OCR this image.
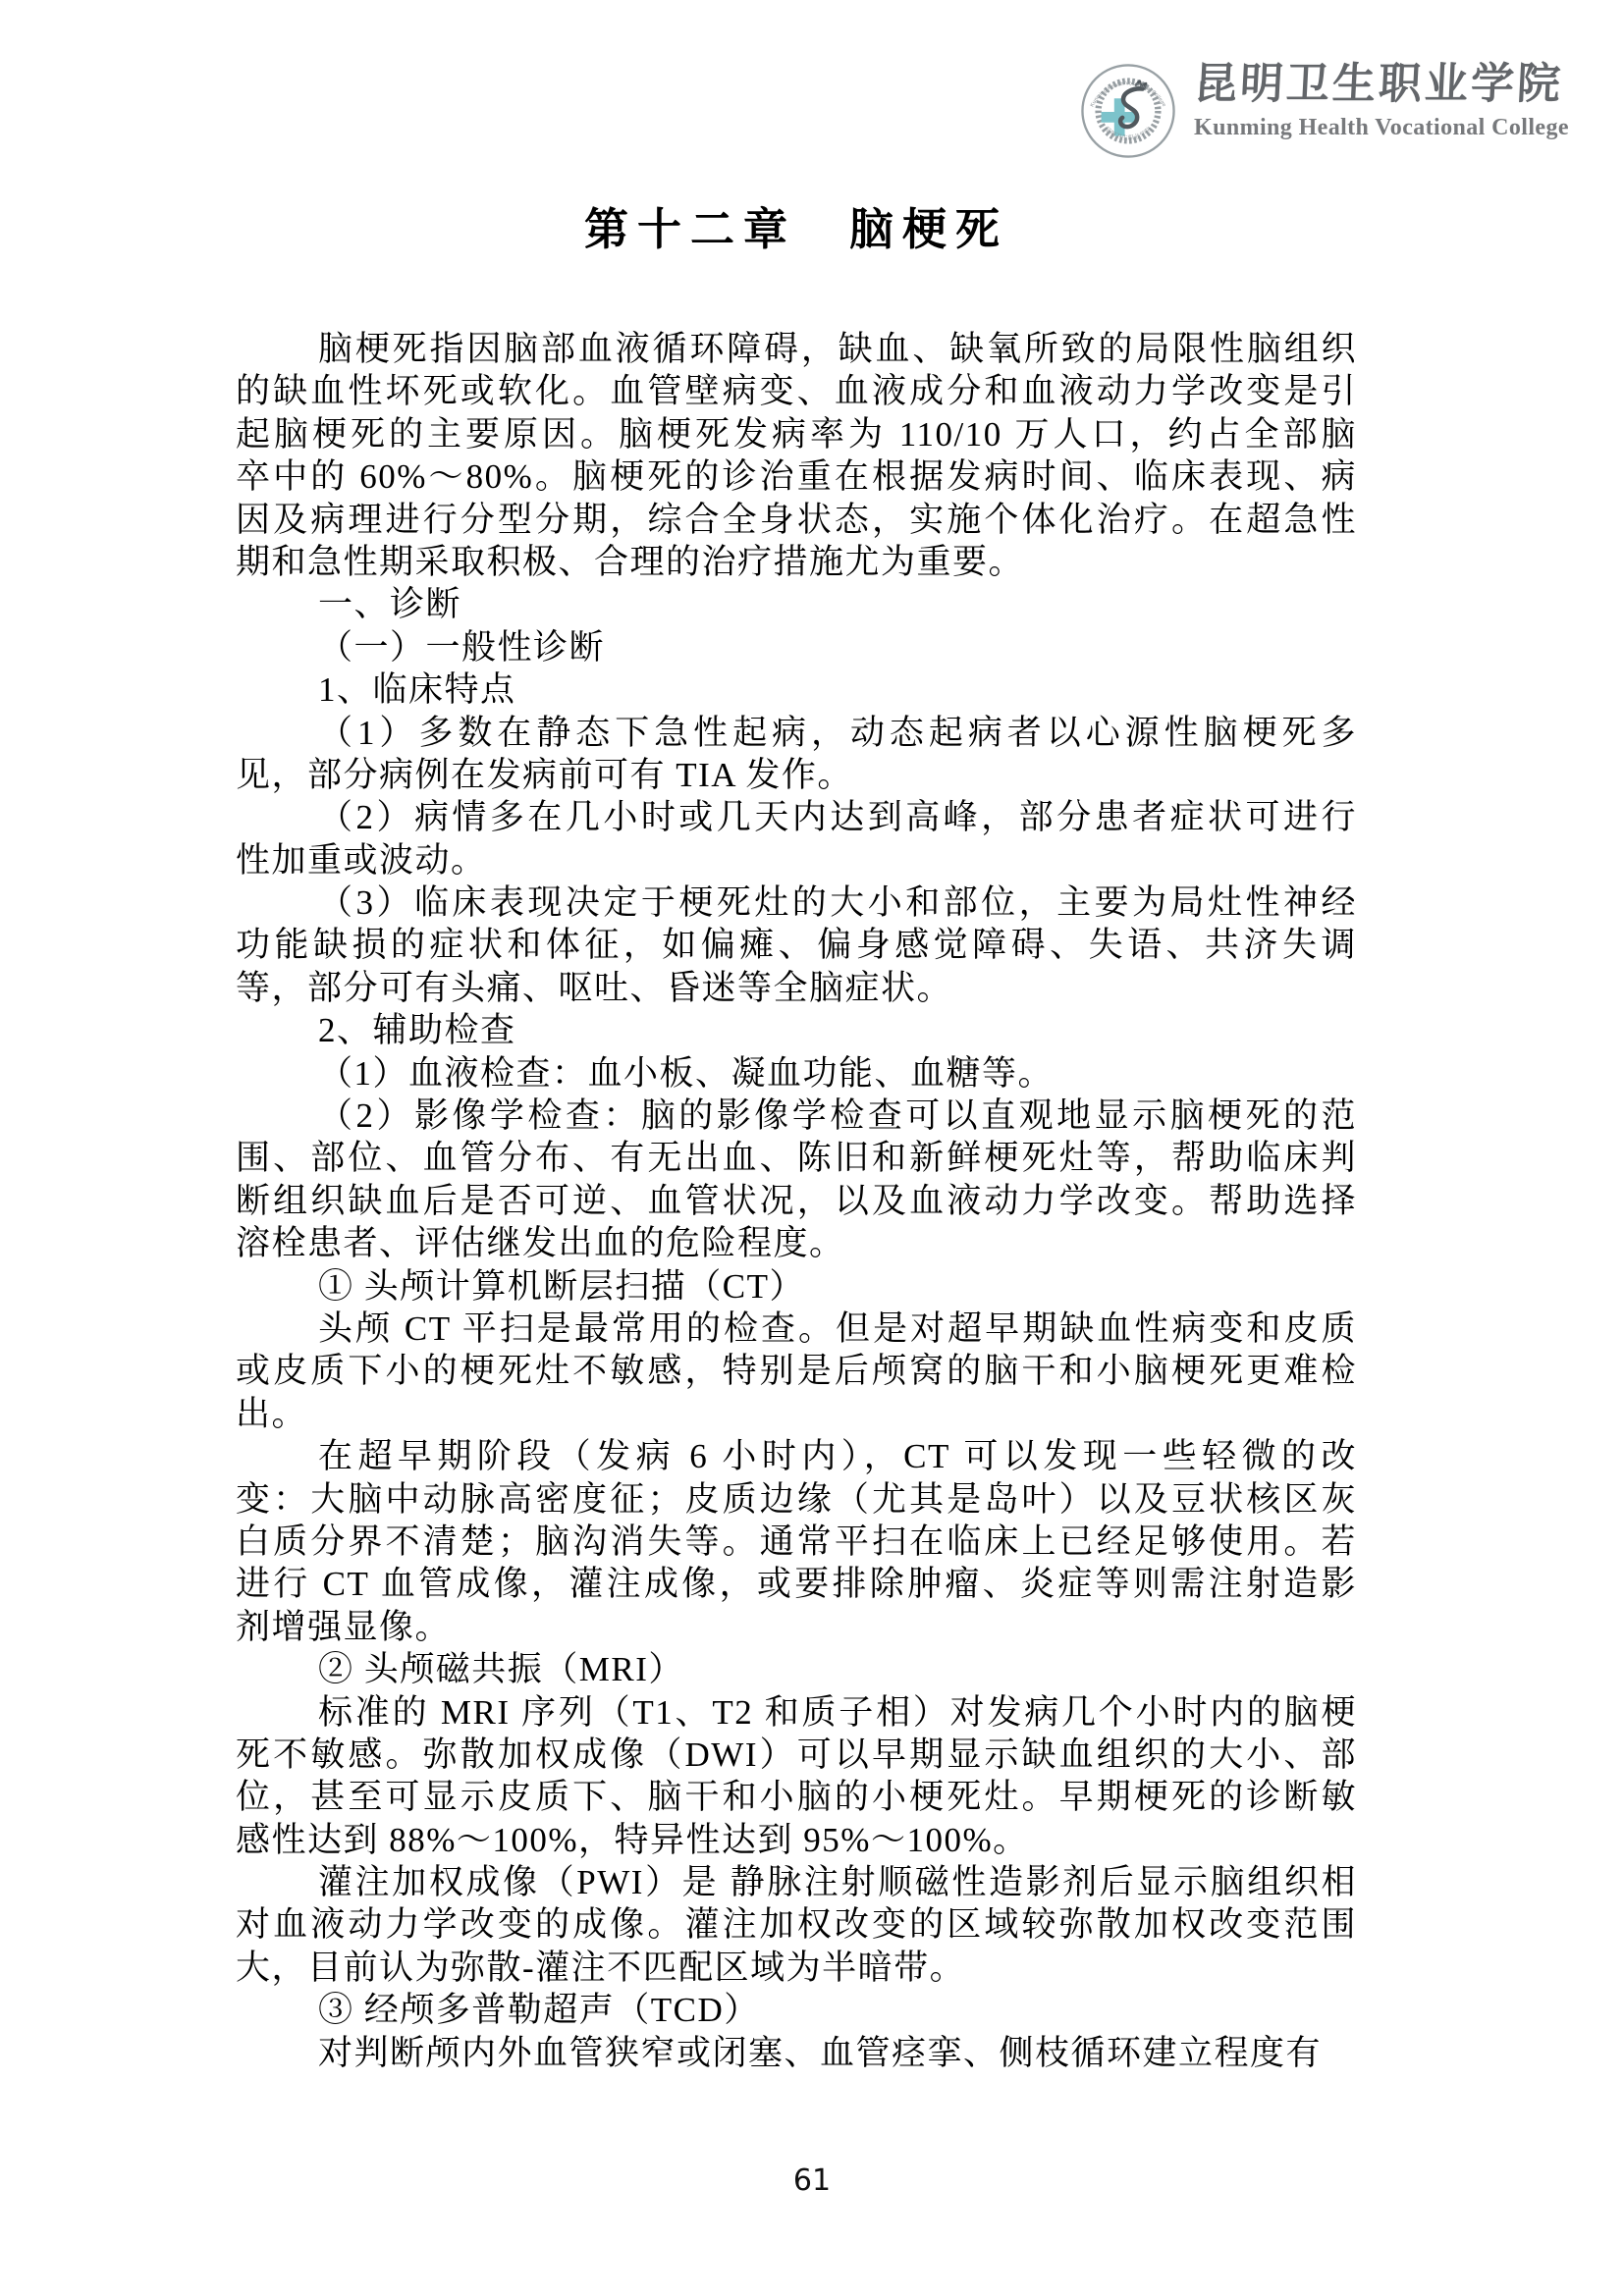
Kunming Health Vocational College
昆明卫生职业学院
昆明卫生职业学院
Kunming Health Vocational College
第十二章　脑梗死
脑梗死指因脑部血液循环障碍，缺血、缺氧所致的局限性脑组织
的缺血性坏死或软化。血管壁病变、血液成分和血液动力学改变是引
起脑梗死的主要原因。脑梗死发病率为 110/10 万人口，约占全部脑
卒中的 60%～80%。脑梗死的诊治重在根据发病时间、临床表现、病
因及病理进行分型分期，综合全身状态，实施个体化治疗。在超急性
期和急性期采取积极、合理的治疗措施尤为重要。
一、诊断
（一）一般性诊断
1、临床特点
（1）多数在静态下急性起病，动态起病者以心源性脑梗死多
见，部分病例在发病前可有 TIA 发作。
（2）病情多在几小时或几天内达到高峰，部分患者症状可进行
性加重或波动。
（3）临床表现决定于梗死灶的大小和部位，主要为局灶性神经
功能缺损的症状和体征，如偏瘫、偏身感觉障碍、失语、共济失调
等，部分可有头痛、呕吐、昏迷等全脑症状。
2、辅助检查
（1）血液检查：血小板、凝血功能、血糖等。
（2）影像学检查：脑的影像学检查可以直观地显示脑梗死的范
围、部位、血管分布、有无出血、陈旧和新鲜梗死灶等，帮助临床判
断组织缺血后是否可逆、血管状况，以及血液动力学改变。帮助选择
溶栓患者、评估继发出血的危险程度。
① 头颅计算机断层扫描（CT）
头颅 CT 平扫是最常用的检查。但是对超早期缺血性病变和皮质
或皮质下小的梗死灶不敏感，特别是后颅窝的脑干和小脑梗死更难检
出。
在超早期阶段（发病 6 小时内），CT 可以发现一些轻微的改
变：大脑中动脉高密度征；皮质边缘（尤其是岛叶）以及豆状核区灰
白质分界不清楚；脑沟消失等。通常平扫在临床上已经足够使用。若
进行 CT 血管成像，灌注成像，或要排除肿瘤、炎症等则需注射造影
剂增强显像。
② 头颅磁共振（MRI）
标准的 MRI 序列（T1、T2 和质子相）对发病几个小时内的脑梗
死不敏感。弥散加权成像（DWI）可以早期显示缺血组织的大小、部
位，甚至可显示皮质下、脑干和小脑的小梗死灶。早期梗死的诊断敏
感性达到 88%～100%，特异性达到 95%～100%。
灌注加权成像（PWI）是 静脉注射顺磁性造影剂后显示脑组织相
对血液动力学改变的成像。灌注加权改变的区域较弥散加权改变范围
大，目前认为弥散-灌注不匹配区域为半暗带。
③ 经颅多普勒超声（TCD）
对判断颅内外血管狭窄或闭塞、血管痉挛、侧枝循环建立程度有
61
